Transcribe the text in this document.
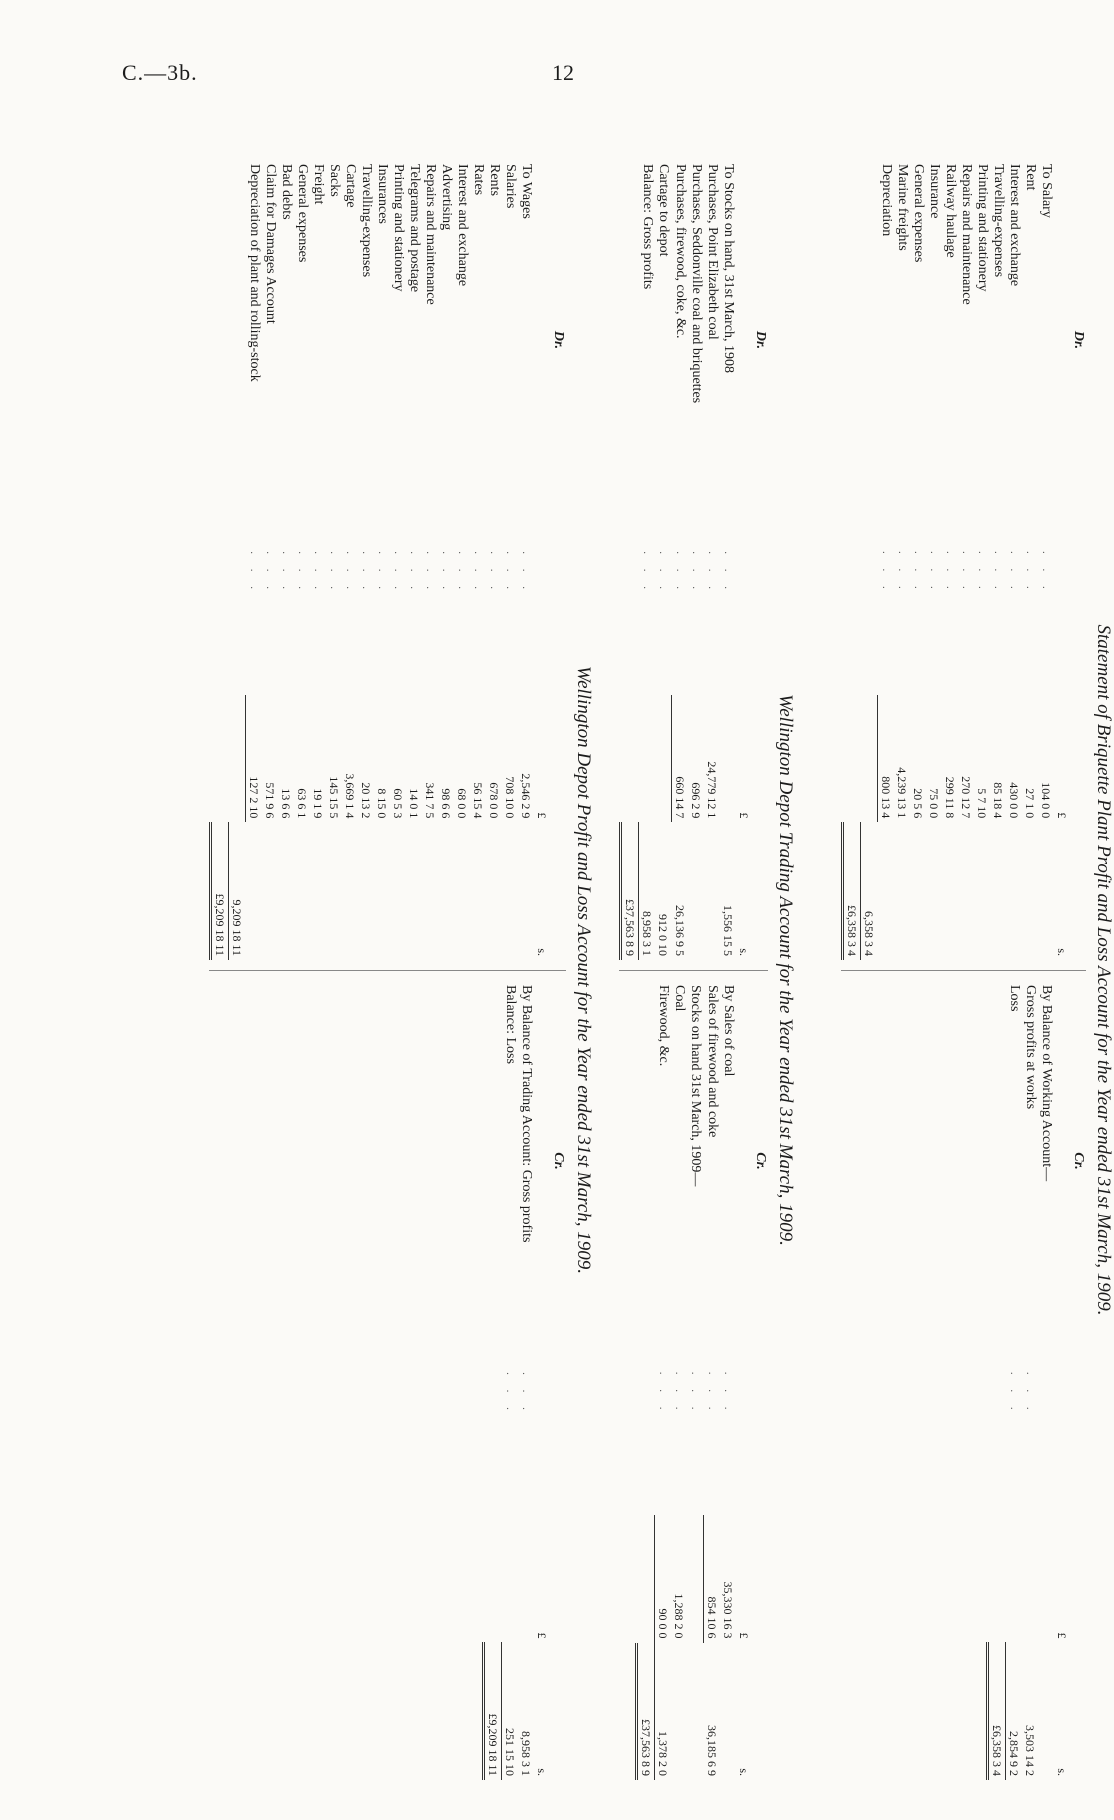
C.—3b.	12
Statement of Briquette Plant Profit and Loss Account for the Year ended 31st March, 1909.
Dr.
		£	s.
To Salary	. . .	104 0 0	
Rent	. . .	27 1 0	
Interest and exchange	. . .	430 0 0	
Travelling-expenses	. . .	85 18 4	
Printing and stationery	. . .	5 7 10	
Repairs and maintenance	. . .	270 12 7	
Railway haulage	. . .	299 11 8	
Insurance	. . .	75 0 0	
General expenses	. . .	20 5 6	
Marine freights	. . .	4,239 13 1	
Depreciation	. . .	800 13 4	
			6,358 3 4
			£6,358 3 4
Cr.
		£	s.
By Balance of Working Account—			
Gross profits at works	. . .		3,503 14 2
Loss	. . .		2,854 9 2
			£6,358 3 4
Wellington Depot Trading Account for the Year ended 31st March, 1909.
Dr.
		£	s.
To Stocks on hand, 31st March, 1908	. . .		1,556 15 5
Purchases, Point Elizabeth coal	. . .	24,779 12 1	
Purchases, Seddonville coal and briquettes	. . .	696 2 9	
Purchases, firewood, coke, &c.	. . .	660 14 7	26,136 9 5
Cartage to depot	. . .		912 0 10
Balance: Gross profits	. . .		8,958 3 1
			£37,563 8 9
Cr.
		£	s.
By Sales of coal	. . .	35,330 16 3	
Sales of firewood and coke	. . .	854 10 6	36,185 6 9
Stocks on hand 31st March, 1909—	. . .		
Coal	. . .	1,288 2 0	
Firewood, &c.	. . .	90 0 0	1,378 2 0
			£37,563 8 9
Wellington Depot Profit and Loss Account for the Year ended 31st March, 1909.
Dr.
		£	s.
To Wages	. . .	2,546 2 9	
Salaries	. . .	708 10 0	
Rents	. . .	678 0 0	
Rates	. . .	56 15 4	
Interest and exchange	. . .	68 0 0	
Advertising	. . .	98 6 6	
Repairs and maintenance	. . .	341 7 5	
Telegrams and postage	. . .	14 0 1	
Printing and stationery	. . .	60 5 3	
Insurances	. . .	8 15 0	
Travelling-expenses	. . .	20 13 2	
Cartage	. . .	3,669 1 4	
Sacks	. . .	145 15 5	
Freight	. . .	19 1 9	
General expenses	. . .	63 6 1	
Bad debts	. . .	13 6 6	
Claim for Damages Account	. . .	571 9 6	
Depreciation of plant and rolling-stock	. . .	127 2 10	
			9,209 18 11
			£9,209 18 11
Cr.
		£	s.
By Balance of Trading Account: Gross profits	. . .		8,958 3 1
Balance: Loss	. . .		251 15 10
			£9,209 18 11
